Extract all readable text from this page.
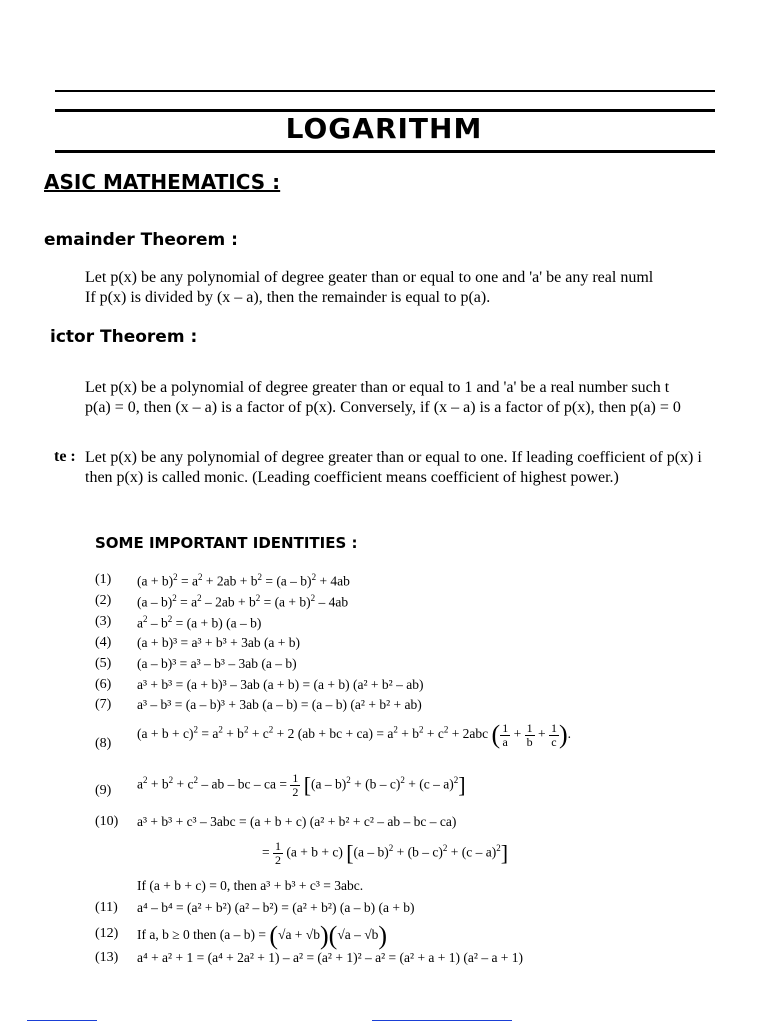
LOGARITHM
ASIC MATHEMATICS :
emainder Theorem :
Let p(x) be any polynomial of degree geater than or equal to one and 'a' be any real numl
If p(x) is divided by (x – a), then the remainder is equal to p(a).
ictor Theorem :
Let p(x) be a polynomial of degree greater than or equal to 1 and 'a' be a real number such t
p(a) = 0, then (x – a) is a factor of p(x). Conversely, if (x – a) is a factor of p(x), then p(a) = 0
te : Let p(x) be any polynomial of degree greater than or equal to one. If leading coefficient of p(x) i
then p(x) is called monic. (Leading coefficient means coefficient of highest power.)
SOME IMPORTANT IDENTITIES :
(1) $(a + b)^2 = a^2 + 2ab + b^2 = (a - b)^2 + 4ab$
(2) $(a - b)^2 = a^2 - 2ab + b^2 = (a + b)^2 - 4ab$
(3) $a^2 - b^2 = (a + b)$ (a – b)
(4) (a + b)³ = a³ + b³ + 3ab (a + b)
(5) (a – b)³ = a³ – b³ – 3ab (a – b)
(6) a³ + b³ = (a + b)³ – 3ab (a + b) = (a + b) (a² + b² – ab)
(7) a³ – b³ = (a – b)³ + 3ab (a – b) = (a – b) (a² + b² + ab)
(8)
$(a + b + c)^2 = a^2 + b^2 + c^2 + 2$ (ab + bc + $ca) = a^2 + b^2 + c^2 + 2abc$ ( $\frac{1}{a} + \frac{1}{b} + \frac{1}{c}$ ).
(9) $a^2 + b^2 + c^2$ – ab – bc – ca = $\frac{1}{2} [(a - b)^2 + (b - c)^2 + (c - a)^2]$
(10) a³ + b³ + c³ – 3abc = (a + b + c) (a² + b² + c² – ab – bc – ca)
= $\frac{1}{2} (a + b + c)$ [(a – b)$^2$ + (b – c)$^2$ + (c – a)$^2$]
If (a + b + c) = 0, then a³ + b³ + c³ = 3abc.
(11) a⁴ – b⁴ = (a² + b²) (a² – b²) = (a² + b²) (a – b) (a + b)
(12) If a, b ≥ 0 then (a – b) = (√a + √b)(√a – √b)
(13) a⁴ + a² + 1 = (a⁴ + 2a² + 1) – a² = (a² + 1)² – a² = (a² + a + 1) (a² – a + 1)
